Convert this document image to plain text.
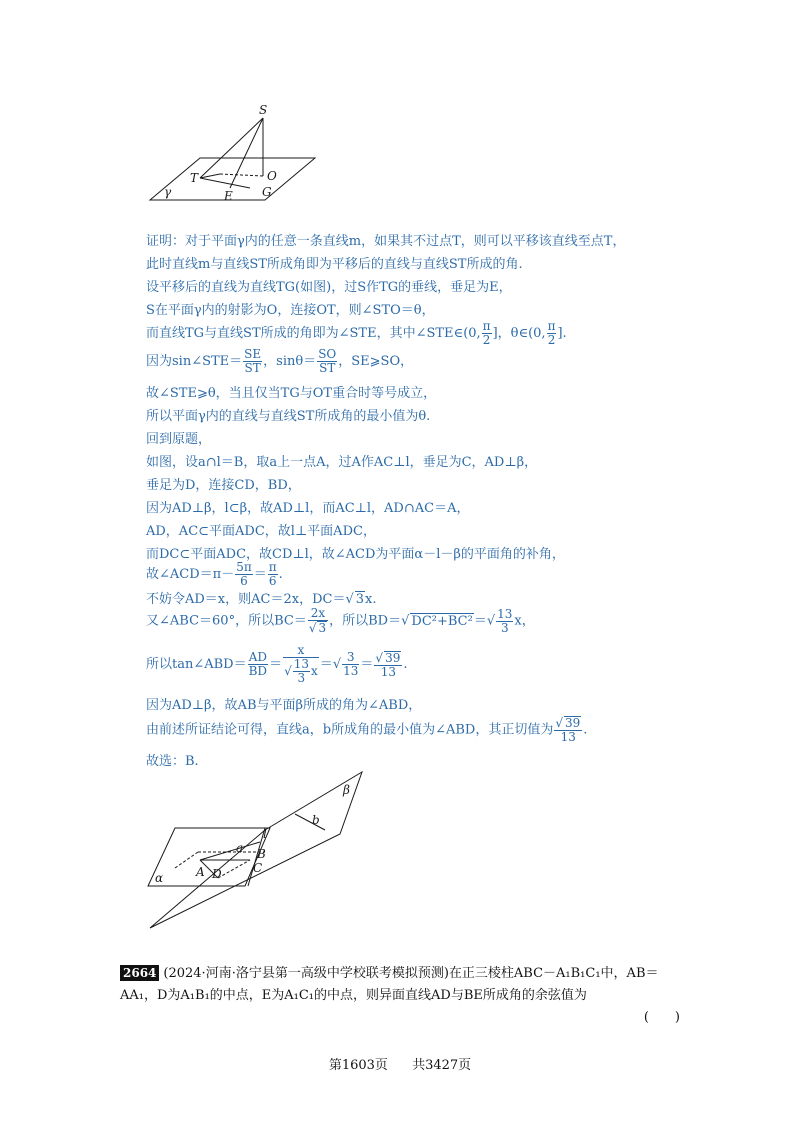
S
T	O
E G
γ
证明：对于平面γ内的任意一条直线m，如果其不过点T，则可以平移该直线至点T，
此时直线m与直线ST所成角即为平移后的直线与直线ST所成的角.
设平移后的直线为直线TG(如图)，过S作TG的垂线，垂足为E，
S在平面γ内的射影为O，连接OT，则∠STO＝θ，
而直线TG与直线ST所成的角即为∠STE，其中∠STE∈(0, $\frac{\pi}{2}$ ]，θ∈(0, $\frac{\pi}{2}$ ].
因为sin∠STE＝ $\frac{SE}{ST}$ ，$\sin\theta= \frac{SO}{ST}$ ，SE⩾SO，
故∠STE⩾θ，当且仅当TG与OT重合时等号成立，
所以平面γ内的直线与直线ST所成角的最小值为θ.
回到原题，
如图，设a∩l＝B，取a上一点A，过A作AC⊥l，垂足为C，AD⊥β，
垂足为D，连接CD，BD，
因为AD⊥β，l⊂β，故AD⊥l，而AC⊥l，AD∩AC＝A，
AD，AC⊂平面ADC，故l⊥平面ADC，
而DC⊂平面ADC，故CD⊥l，故∠ACD为平面α－l－β的平面角的补角，
故∠ACD＝π－ $\frac{5\pi}{6} = \frac{\pi}{6}$ .
不妨令AD＝x，则AC＝2x，DC＝√ 3x.
又∠ABC＝60°，所以$BC= \frac{2x}{√ 3}$ ，所以BD＝√ $DC^2+BC^2=√ \frac{13}{3}$ x，
所以tan∠ABD＝ $\frac{AD}{BD} = \frac{x}{√ \frac{13}{3} x}$ ＝√ $\frac{3}{13} = \frac{√ 39}{13}$ .
因为AD⊥β，故AB与平面β所成的角为∠ABD，
由前述所证结论可得，直线a，b所成角的最小值为∠ABD，其正切值为 $\frac{√ 39}{13}$ .
故选：B.
β
b
l
a B
A D	C
α
2664 (2024·河南·洛宁县第一高级中学校联考模拟预测)在正三棱柱ABC－A₁B₁C₁中，AB＝AA₁，D为A₁B₁的中点，E为A₁C₁的中点，则异面直线AD与BE所成角的余弦值为
(　　)
第1603页 共3427页
